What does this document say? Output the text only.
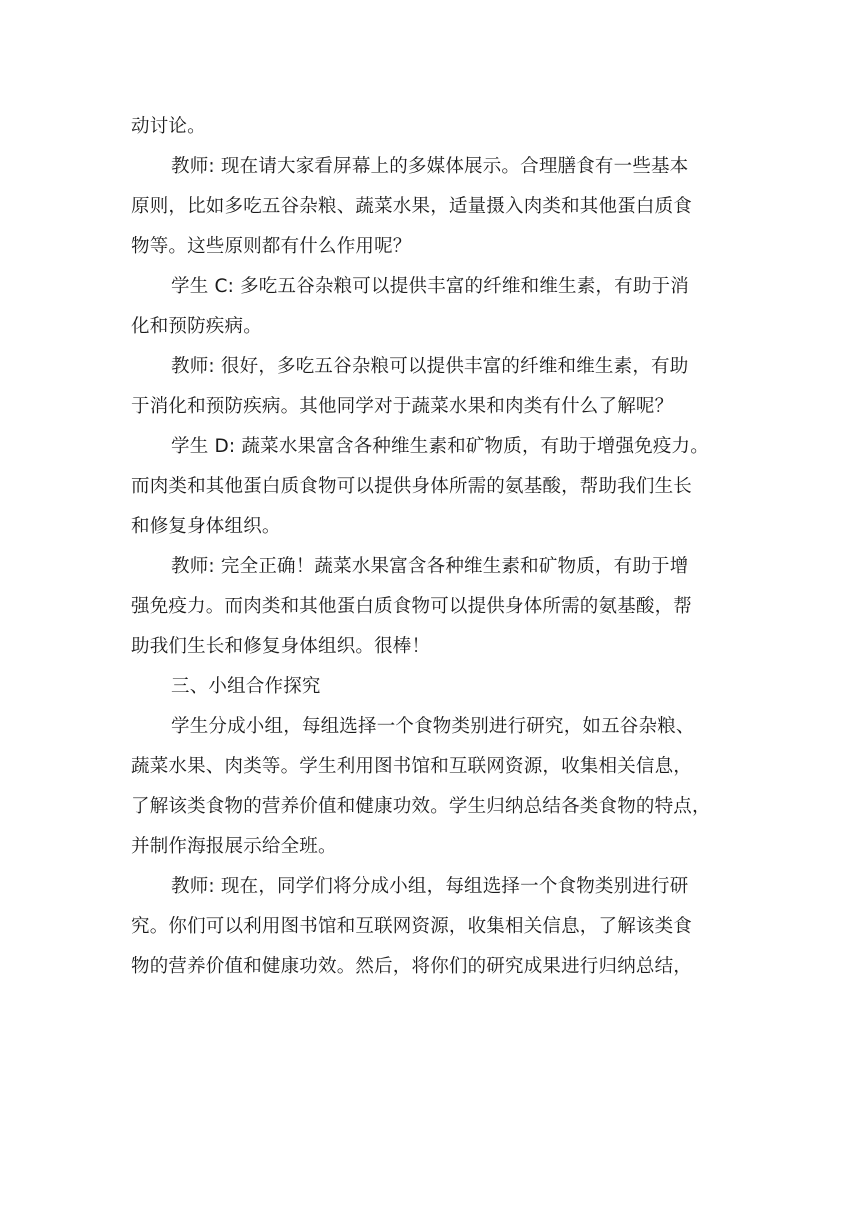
动讨论。

教师: 现在请大家看屏幕上的多媒体展示。合理膳食有一些基本
原则，比如多吃五谷杂粮、蔬菜水果，适量摄入肉类和其他蛋白质食
物等。这些原则都有什么作用呢？

学生 C: 多吃五谷杂粮可以提供丰富的纤维和维生素，有助于消
化和预防疾病。

教师: 很好，多吃五谷杂粮可以提供丰富的纤维和维生素，有助
于消化和预防疾病。其他同学对于蔬菜水果和肉类有什么了解呢？

学生 D: 蔬菜水果富含各种维生素和矿物质，有助于增强免疫力。
而肉类和其他蛋白质食物可以提供身体所需的氨基酸，帮助我们生长
和修复身体组织。

教师: 完全正确！蔬菜水果富含各种维生素和矿物质，有助于增
强免疫力。而肉类和其他蛋白质食物可以提供身体所需的氨基酸，帮
助我们生长和修复身体组织。很棒！

三、小组合作探究

学生分成小组，每组选择一个食物类别进行研究，如五谷杂粮、
蔬菜水果、肉类等。学生利用图书馆和互联网资源，收集相关信息，
了解该类食物的营养价值和健康功效。学生归纳总结各类食物的特点，
并制作海报展示给全班。

教师: 现在，同学们将分成小组，每组选择一个食物类别进行研
究。你们可以利用图书馆和互联网资源，收集相关信息，了解该类食
物的营养价值和健康功效。然后，将你们的研究成果进行归纳总结，
